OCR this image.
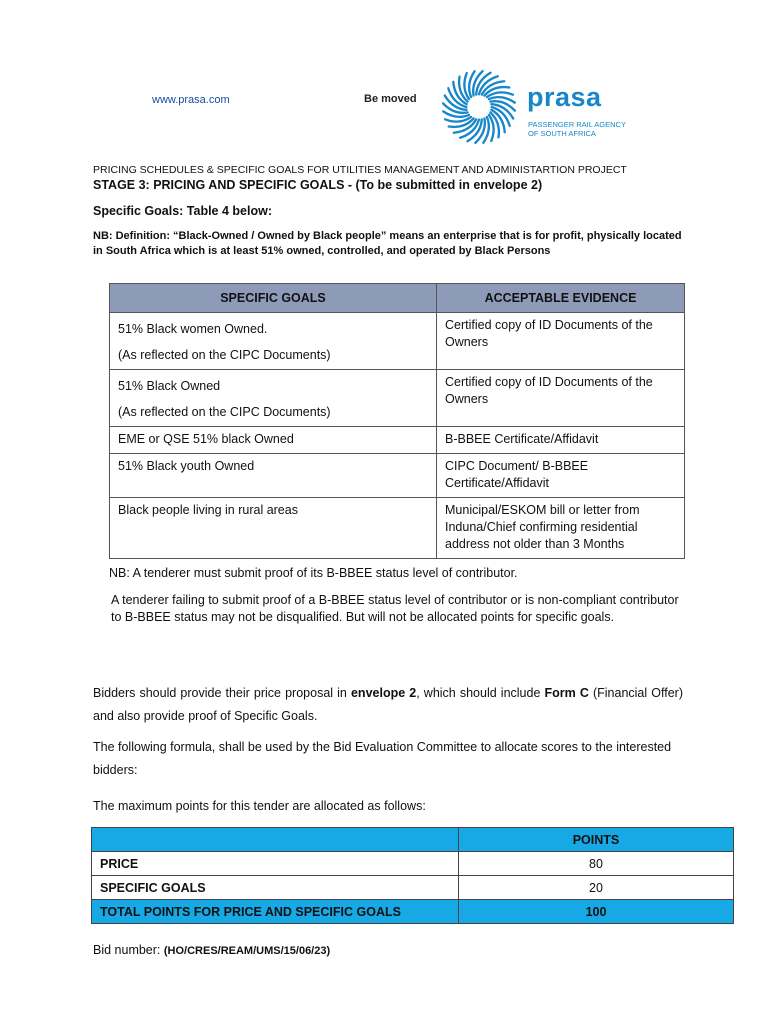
www.prasa.com	Be moved	prasa
PASSENGER RAIL AGENCY OF SOUTH AFRICA
PRICING SCHEDULES & SPECIFIC GOALS FOR UTILITIES MANAGEMENT AND ADMINISTARTION PROJECT
STAGE 3: PRICING AND SPECIFIC GOALS - (To be submitted in envelope 2)
Specific Goals: Table 4 below:
NB: Definition: “Black-Owned / Owned by Black people” means an enterprise that is for profit, physically located in South Africa which is at least 51% owned, controlled, and operated by Black Persons
SPECIFIC GOALS	ACCEPTABLE EVIDENCE

51% Black women Owned.
(As reflected on the CIPC Documents)	Certified copy of ID Documents of the Owners

51% Black Owned
(As reflected on the CIPC Documents)	Certified copy of ID Documents of the Owners
EME or QSE 51% black Owned	B-BBEE Certificate/Affidavit
51% Black youth Owned	CIPC Document/ B-BBEE Certificate/Affidavit
Black people living in rural areas	Municipal/ESKOM bill or letter from Induna/Chief confirming residential address not older than 3 Months
NB: A tenderer must submit proof of its B-BBEE status level of contributor.
A tenderer failing to submit proof of a B-BBEE status level of contributor or is non-compliant contributor to B-BBEE status may not be disqualified. But will not be allocated points for specific goals.
Bidders should provide their price proposal in envelope 2, which should include Form C (Financial Offer) and also provide proof of Specific Goals.
The following formula, shall be used by the Bid Evaluation Committee to allocate scores to the interested bidders:
The maximum points for this tender are allocated as follows:
	POINTS
PRICE	80
SPECIFIC GOALS	20
TOTAL POINTS FOR PRICE AND SPECIFIC GOALS	100
Bid number: (HO/CRES/REAM/UMS/15/06/23)
